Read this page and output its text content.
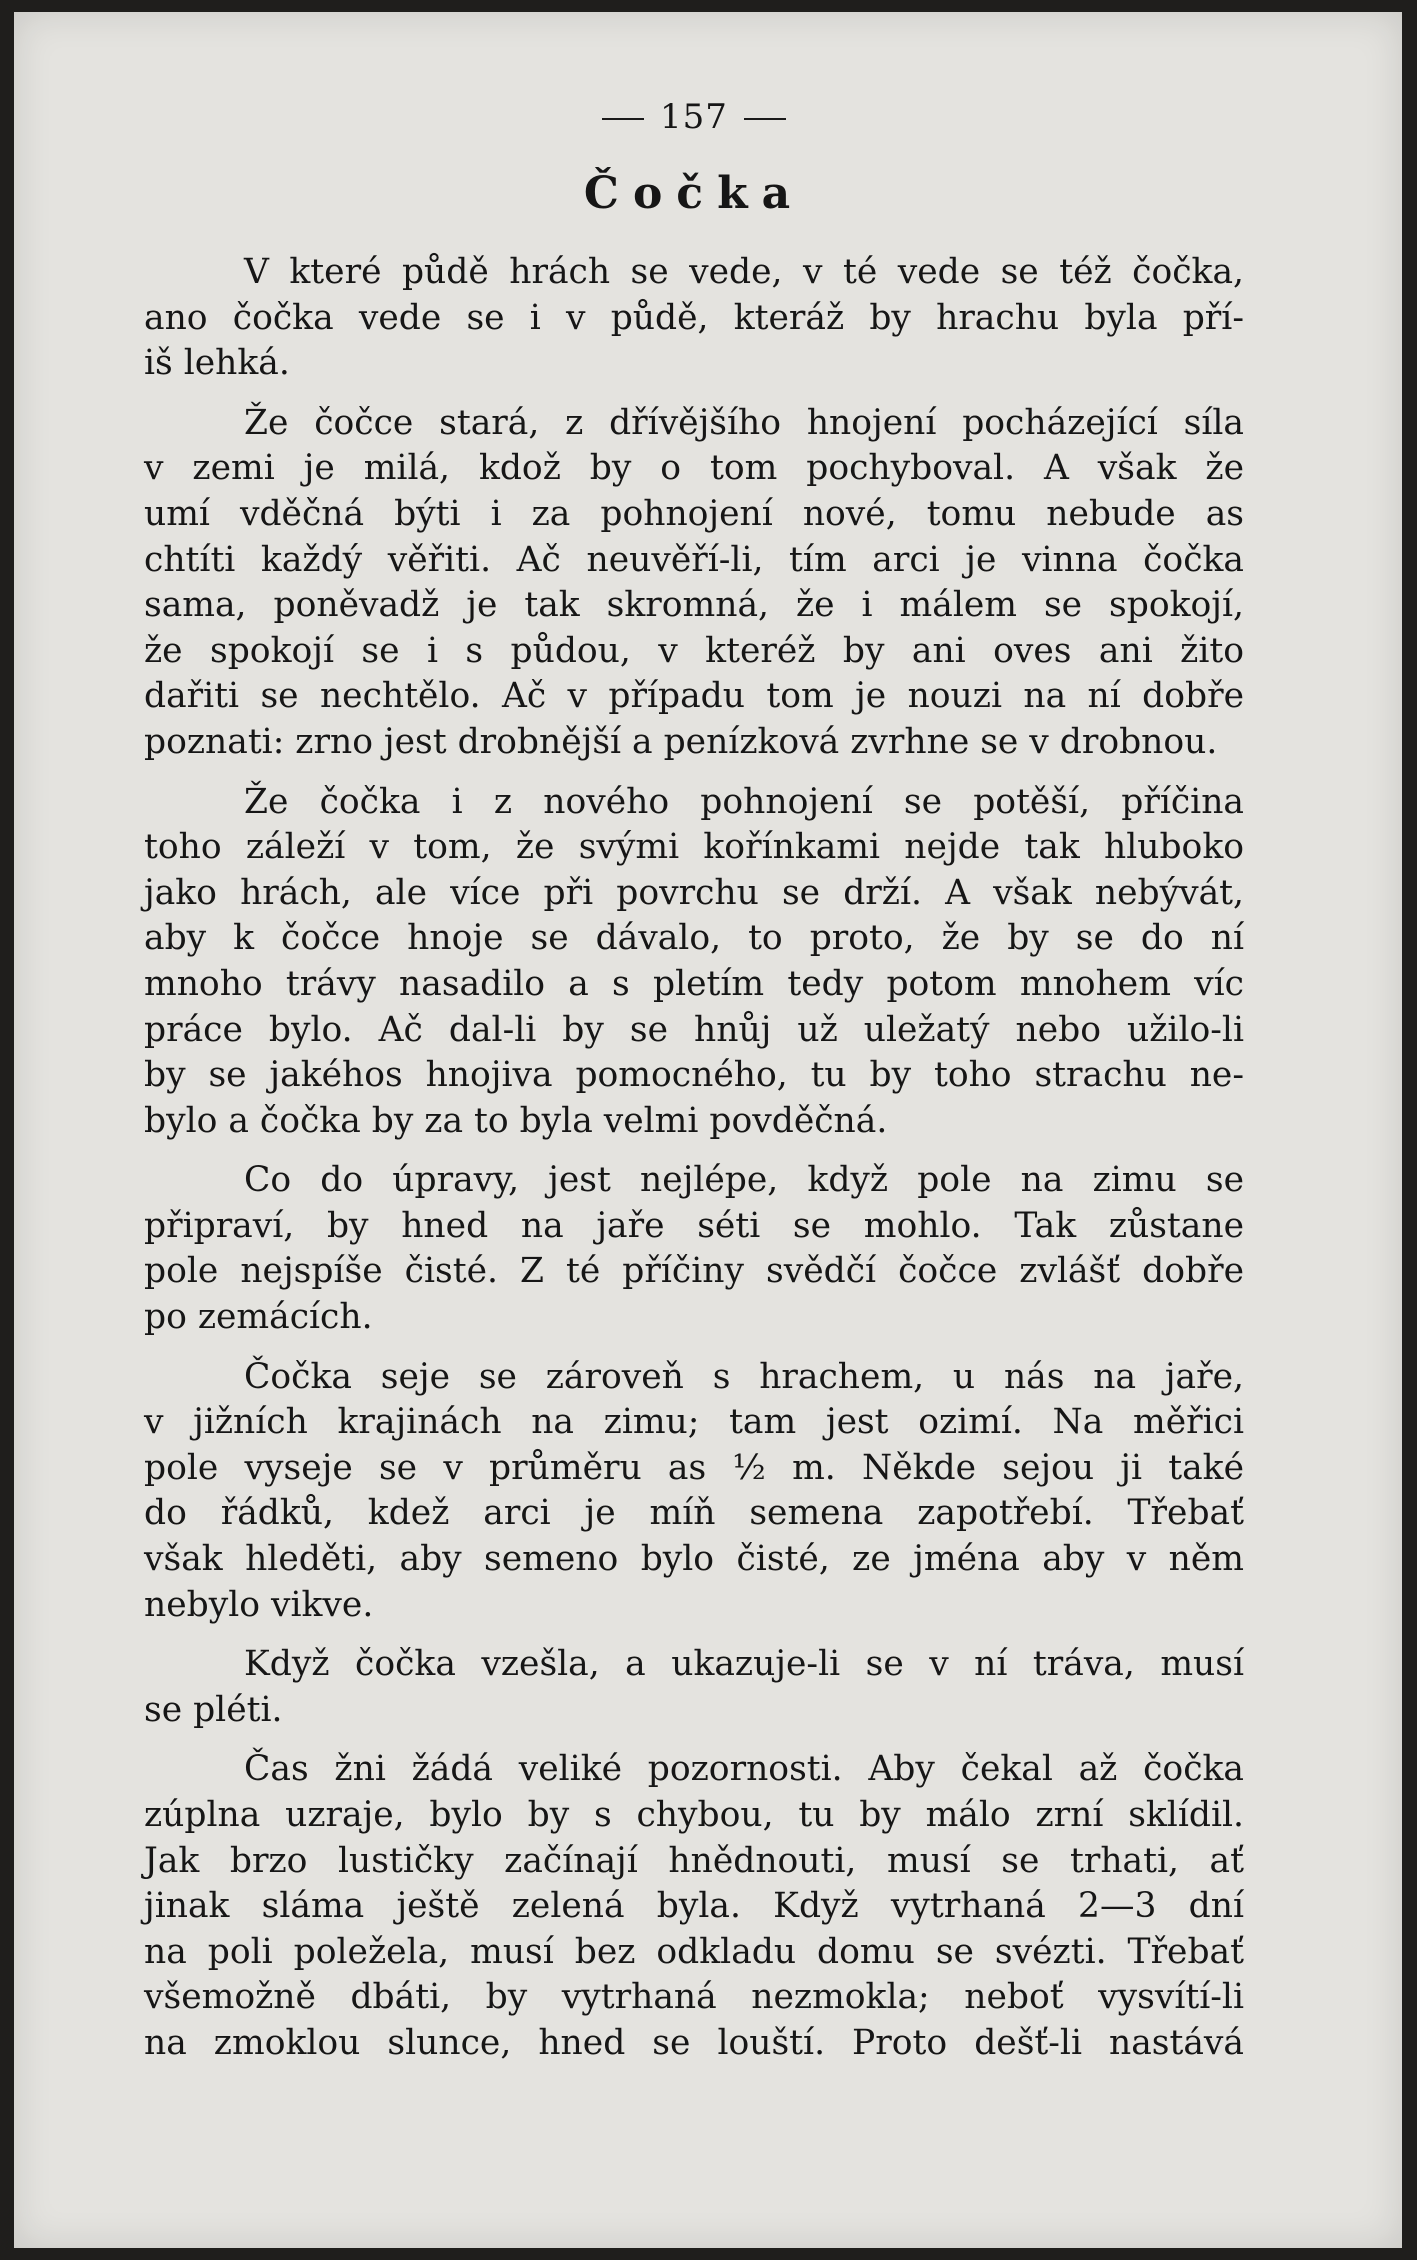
157
Čočka
V které půdě hrách se vede, v té vede se též čočka,
ano čočka vede se i v půdě, kteráž by hrachu byla pří-
iš lehká.
Že čočce stará, z dřívějšího hnojení pocházející síla
v zemi je milá, kdož by o tom pochyboval. A však že
umí vděčná býti i za pohnojení nové, tomu nebude as
chtíti každý věřiti. Ač neuvěří-li, tím arci je vinna čočka
sama, poněvadž je tak skromná, že i málem se spokojí,
že spokojí se i s půdou, v kteréž by ani oves ani žito
dařiti se nechtělo. Ač v případu tom je nouzi na ní dobře
poznati: zrno jest drobnější a penízková zvrhne se v drobnou.
Že čočka i z nového pohnojení se potěší, příčina
toho záleží v tom, že svými kořínkami nejde tak hluboko
jako hrách, ale více při povrchu se drží. A však nebývát,
aby k čočce hnoje se dávalo, to proto, že by se do ní
mnoho trávy nasadilo a s pletím tedy potom mnohem víc
práce bylo. Ač dal-li by se hnůj už uležatý nebo užilo-li
by se jakéhos hnojiva pomocného, tu by toho strachu ne-
bylo a čočka by za to byla velmi povděčná.
Co do úpravy, jest nejlépe, když pole na zimu se
připraví, by hned na jaře séti se mohlo. Tak zůstane
pole nejspíše čisté. Z té příčiny svědčí čočce zvlášť dobře
po zemácích.
Čočka seje se zároveň s hrachem, u nás na jaře,
v jižních krajinách na zimu; tam jest ozimí. Na měřici
pole vyseje se v průměru as ½ m. Někde sejou ji také
do řádků, kdež arci je míň semena zapotřebí. Třebať
však hleděti, aby semeno bylo čisté, ze jména aby v něm
nebylo vikve.
Když čočka vzešla, a ukazuje-li se v ní tráva, musí
se pléti.
Čas žni žádá veliké pozornosti. Aby čekal až čočka
zúplna uzraje, bylo by s chybou, tu by málo zrní sklídil.
Jak brzo lustičky začínají hnědnouti, musí se trhati, ať
jinak sláma ještě zelená byla. Když vytrhaná 2—3 dní
na poli poležela, musí bez odkladu domu se svézti. Třebať
všemožně dbáti, by vytrhaná nezmokla; neboť vysvítí-li
na zmoklou slunce, hned se louští. Proto dešť-li nastává
